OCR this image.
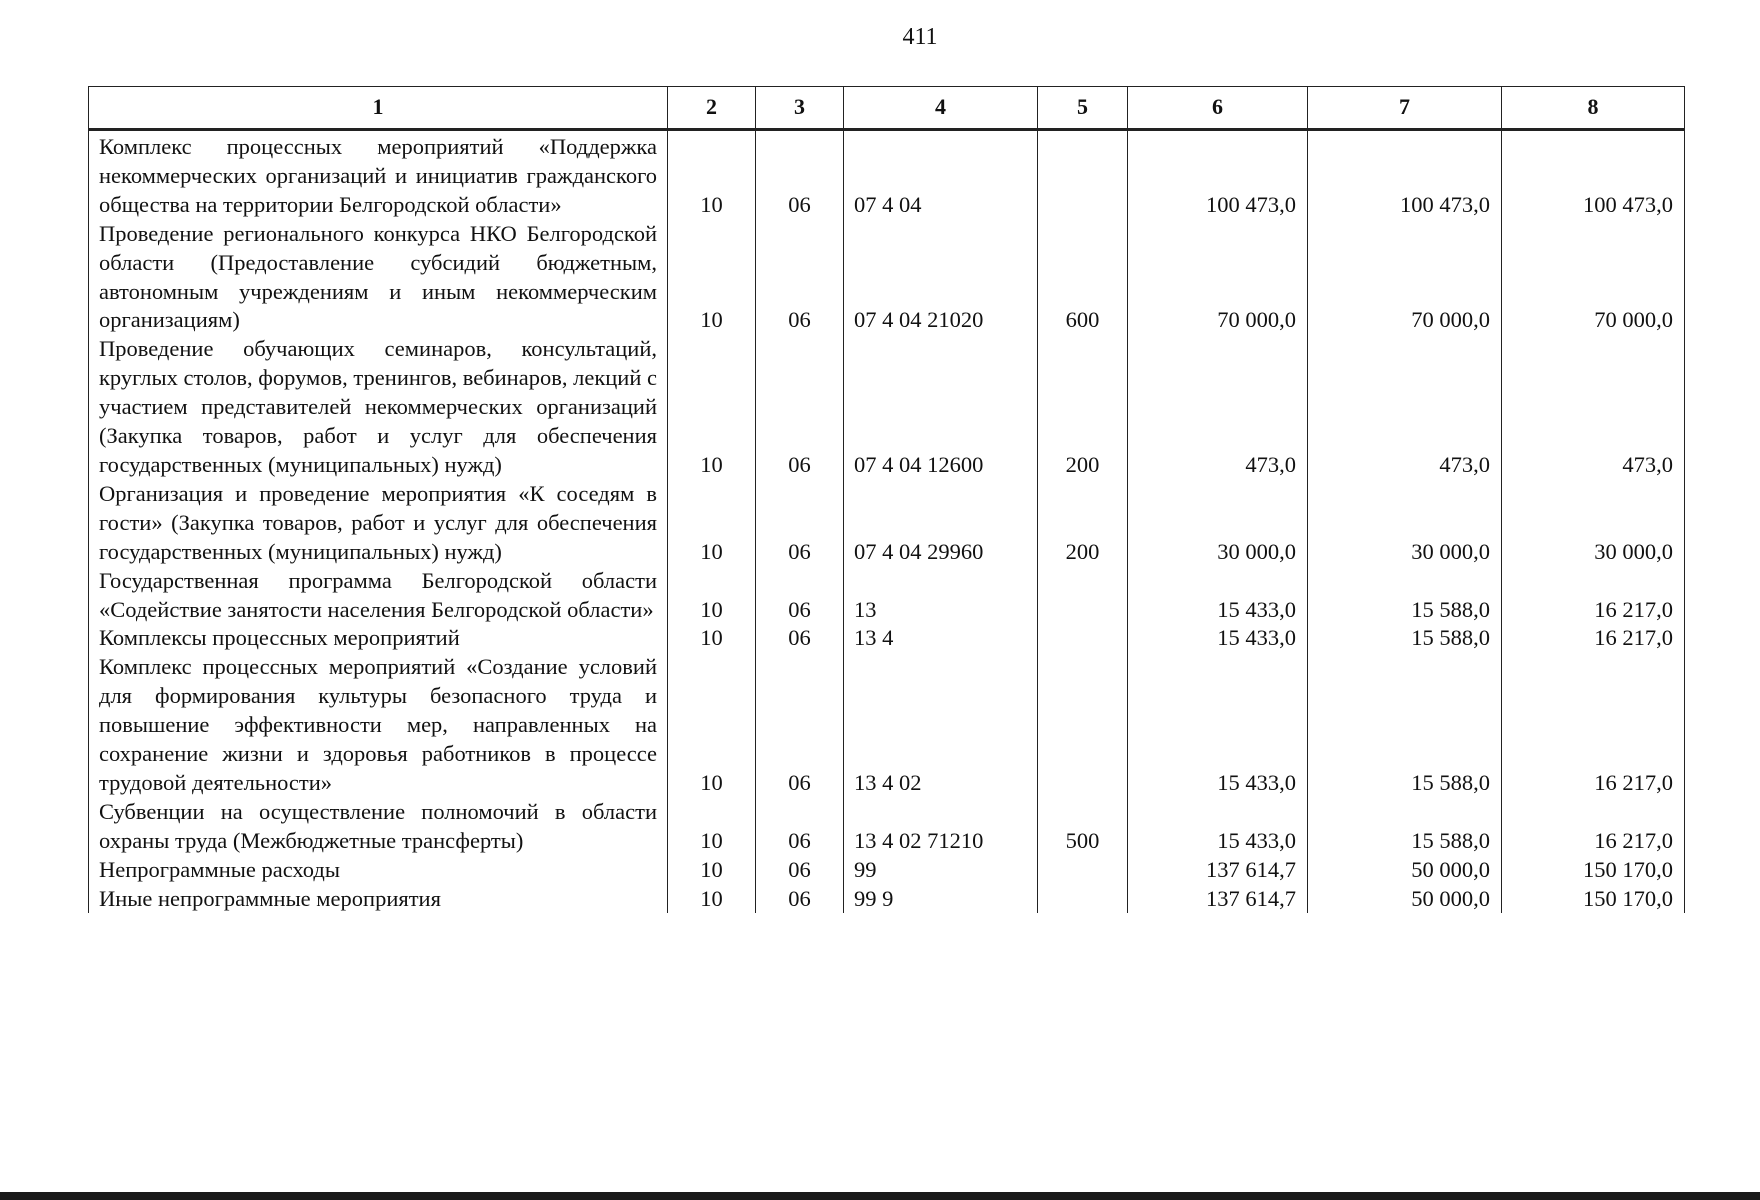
411
1	2	3	4	5	6	7	8
Комплекс процессных мероприятий «Поддержка некоммерческих организаций и инициатив гражданского общества на территории Белгородской области»	10	06	07 4 04		100 473,0	100 473,0	100 473,0
Проведение регионального конкурса НКО Белгородской области (Предоставление субсидий бюджетным, автономным учреждениям и иным некоммерческим организациям)	10	06	07 4 04 21020	600	70 000,0	70 000,0	70 000,0
Проведение обучающих семинаров, консультаций, круглых столов, форумов, тренингов, вебинаров, лекций с участием представителей некоммерческих организаций (Закупка товаров, работ и услуг для обеспечения государственных (муниципальных) нужд)	10	06	07 4 04 12600	200	473,0	473,0	473,0
Организация и проведение мероприятия «К соседям в гости» (Закупка товаров, работ и услуг для обеспечения государственных (муниципальных) нужд)	10	06	07 4 04 29960	200	30 000,0	30 000,0	30 000,0
Государственная программа Белгородской области «Содействие занятости населения Белгородской области»	10	06	13		15 433,0	15 588,0	16 217,0
Комплексы процессных мероприятий	10	06	13 4		15 433,0	15 588,0	16 217,0
Комплекс процессных мероприятий «Создание условий для формирования культуры безопасного труда и повышение эффективности мер, направленных на сохранение жизни и здоровья работников в процессе трудовой деятельности»	10	06	13 4 02		15 433,0	15 588,0	16 217,0
Субвенции на осуществление полномочий в области охраны труда (Межбюджетные трансферты)	10	06	13 4 02 71210	500	15 433,0	15 588,0	16 217,0
Непрограммные расходы	10	06	99		137 614,7	50 000,0	150 170,0
Иные непрограммные мероприятия	10	06	99 9		137 614,7	50 000,0	150 170,0
